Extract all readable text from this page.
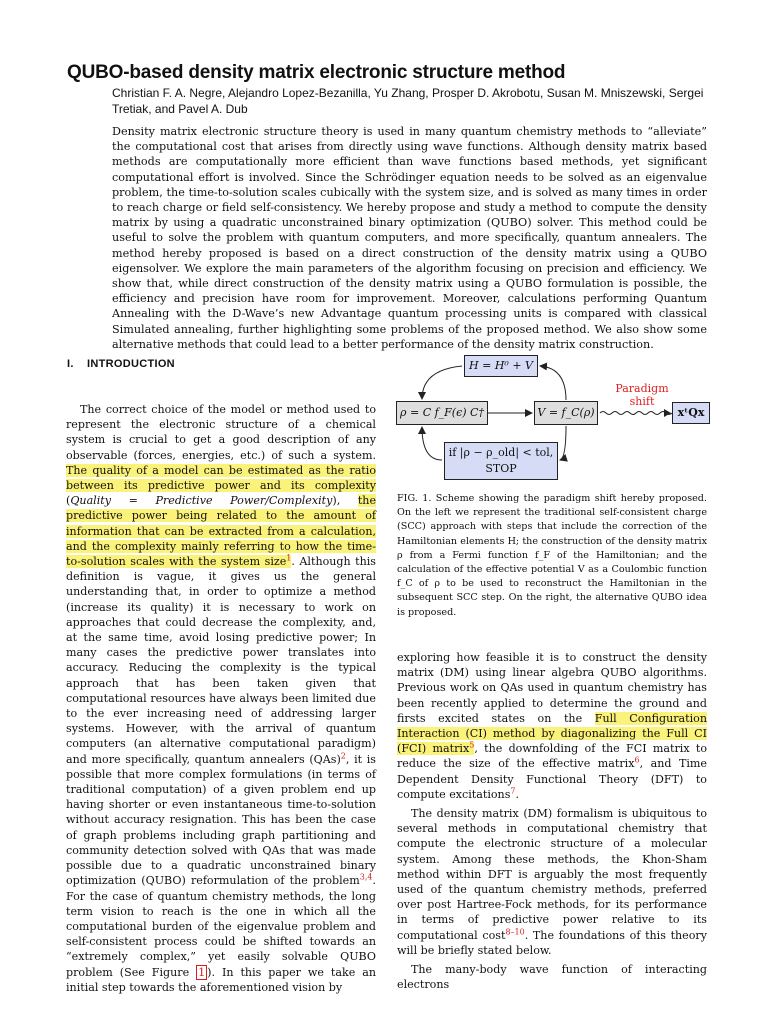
QUBO-based density matrix electronic structure method
Christian F. A. Negre, Alejandro Lopez-Bezanilla, Yu Zhang, Prosper D. Akrobotu, Susan M. Mniszewski, Sergei Tretiak, and Pavel A. Dub

Density matrix electronic structure theory is used in many quantum chemistry methods to “alleviate” the computational cost that arises from directly using wave functions. Although density matrix based methods are computationally more efficient than wave functions based methods, yet significant computational effort is involved. Since the Schrödinger equation needs to be solved as an eigenvalue problem, the time-to-solution scales cubically with the system size, and is solved as many times in order to reach charge or field self-consistency. We hereby propose and study a method to compute the density matrix by using a quadratic unconstrained binary optimization (QUBO) solver. This method could be useful to solve the problem with quantum computers, and more specifically, quantum annealers. The method hereby proposed is based on a direct construction of the density matrix using a QUBO eigensolver. We explore the main parameters of the algorithm focusing on precision and efficiency. We show that, while direct construction of the density matrix using a QUBO formulation is possible, the efficiency and precision have room for improvement. Moreover, calculations performing Quantum Annealing with the D-Wave’s new Advantage quantum processing units is compared with classical Simulated annealing, further highlighting some problems of the proposed method. We also show some alternative methods that could lead to a better performance of the density matrix construction.

I. INTRODUCTION

The correct choice of the model or method used to represent the electronic structure of a chemical system is crucial to get a good description of any observable (forces, energies, etc.) of such a system. The quality of a model can be estimated as the ratio between its predictive power and its complexity (Quality = Predictive Power/Complexity), the predictive power being related to the amount of information that can be extracted from a calculation, and the complexity mainly referring to how the time-to-solution scales with the system size$^1$. Although this definition is vague, it gives us the general understanding that, in order to optimize a method (increase its quality) it is necessary to work on approaches that could decrease the complexity, and, at the same time, avoid losing predictive power; In many cases the predictive power translates into accuracy. Reducing the complexity is the typical approach that has been taken given that computational resources have always been limited due to the ever increasing need of addressing larger systems. However, with the arrival of quantum computers (an alternative computational paradigm) and more specifically, quantum annealers (QAs)$^2$, it is possible that more complex formulations (in terms of traditional computation) of a given problem end up having shorter or even instantaneous time-to-solution without accuracy resignation. This has been the case of graph problems including graph partitioning and community detection solved with QAs that was made possible due to a quadratic unconstrained binary optimization (QUBO) reformulation of the problem$^{3,4}$. For the case of quantum chemistry methods, the long term vision to reach is the one in which all the computational burden of the eigenvalue problem and self-consistent process could be shifted towards an “extremely complex,” yet easily solvable QUBO problem (See Figure 1 ). In this paper we take an initial step towards the aforementioned vision by

H = H⁰ + V
ρ = C f_F(ϵ) C†	V = f_C(ρ)
if |ρ − ρ_old| < tol,
STOP
xᵗQx
Paradigm shift

FIG. 1. Scheme showing the paradigm shift hereby proposed. On the left we represent the traditional self-consistent charge (SCC) approach with steps that include the correction of the Hamiltonian elements H; the construction of the density matrix ρ from a Fermi function f_F of the Hamiltonian; and the calculation of the effective potential V as a Coulombic function f_C of ρ to be used to reconstruct the Hamiltonian in the subsequent SCC step. On the right, the alternative QUBO idea is proposed.

exploring how feasible it is to construct the density matrix (DM) using linear algebra QUBO algorithms. Previous work on QAs used in quantum chemistry has been recently applied to determine the ground and firsts excited states on the Full Configuration Interaction (CI) method by diagonalizing the Full CI (FCI) matrix$^5$, the downfolding of the FCI matrix to reduce the size of the effective matrix$^6$, and Time Dependent Density Functional Theory (DFT) to compute excitations$^7$.

The density matrix (DM) formalism is ubiquitous to several methods in computational chemistry that compute the electronic structure of a molecular system. Among these methods, the Khon-Sham method within DFT is arguably the most frequently used of the quantum chemistry methods, preferred over post Hartree-Fock methods, for its performance in terms of predictive power relative to its computational cost$^{8-10}$. The foundations of this theory will be briefly stated below.

The many-body wave function of interacting electrons
